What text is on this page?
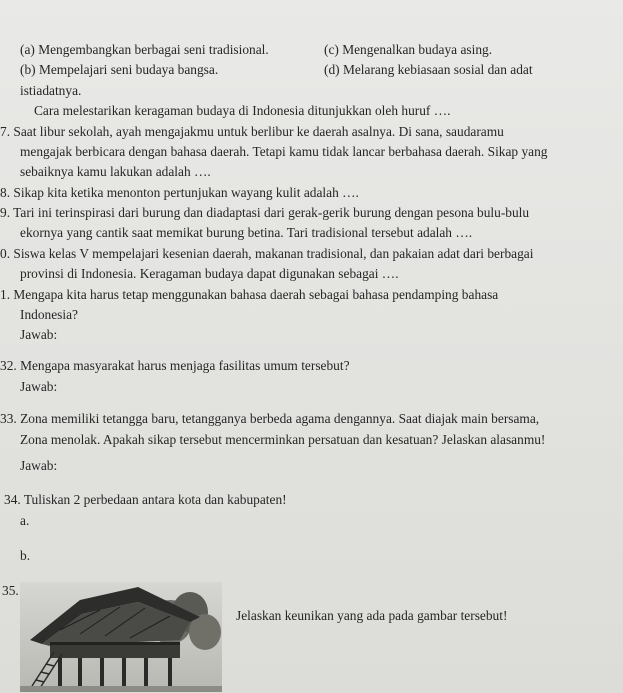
(a) Mengembangkan berbagai seni tradisional.	(c) Mengenalkan budaya asing.
(b) Mempelajari seni budaya bangsa.	(d) Melarang kebiasaan sosial dan adat
istiadatnya.
Cara melestarikan keragaman budaya di Indonesia ditunjukkan oleh huruf ….
7. Saat libur sekolah, ayah mengajakmu untuk berlibur ke daerah asalnya. Di sana, saudaramu
mengajak berbicara dengan bahasa daerah. Tetapi kamu tidak lancar berbahasa daerah. Sikap yang
sebaiknya kamu lakukan adalah ….
8. Sikap kita ketika menonton pertunjukan wayang kulit adalah ….
9. Tari ini terinspirasi dari burung dan diadaptasi dari gerak-gerik burung dengan pesona bulu-bulu
ekornya yang cantik saat memikat burung betina. Tari tradisional tersebut adalah ….
0. Siswa kelas V mempelajari kesenian daerah, makanan tradisional, dan pakaian adat dari berbagai
provinsi di Indonesia. Keragaman budaya dapat digunakan sebagai ….
1. Mengapa kita harus tetap menggunakan bahasa daerah sebagai bahasa pendamping bahasa
Indonesia?
Jawab:
32. Mengapa masyarakat harus menjaga fasilitas umum tersebut?
Jawab:
33. Zona memiliki tetangga baru, tetangganya berbeda agama dengannya. Saat diajak main bersama,
Zona menolak. Apakah sikap tersebut mencerminkan persatuan dan kesatuan? Jelaskan alasanmu!
Jawab:
34. Tuliskan 2 perbedaan antara kota dan kabupaten!
a.
b.
35.
Jelaskan keunikan yang ada pada gambar tersebut!
